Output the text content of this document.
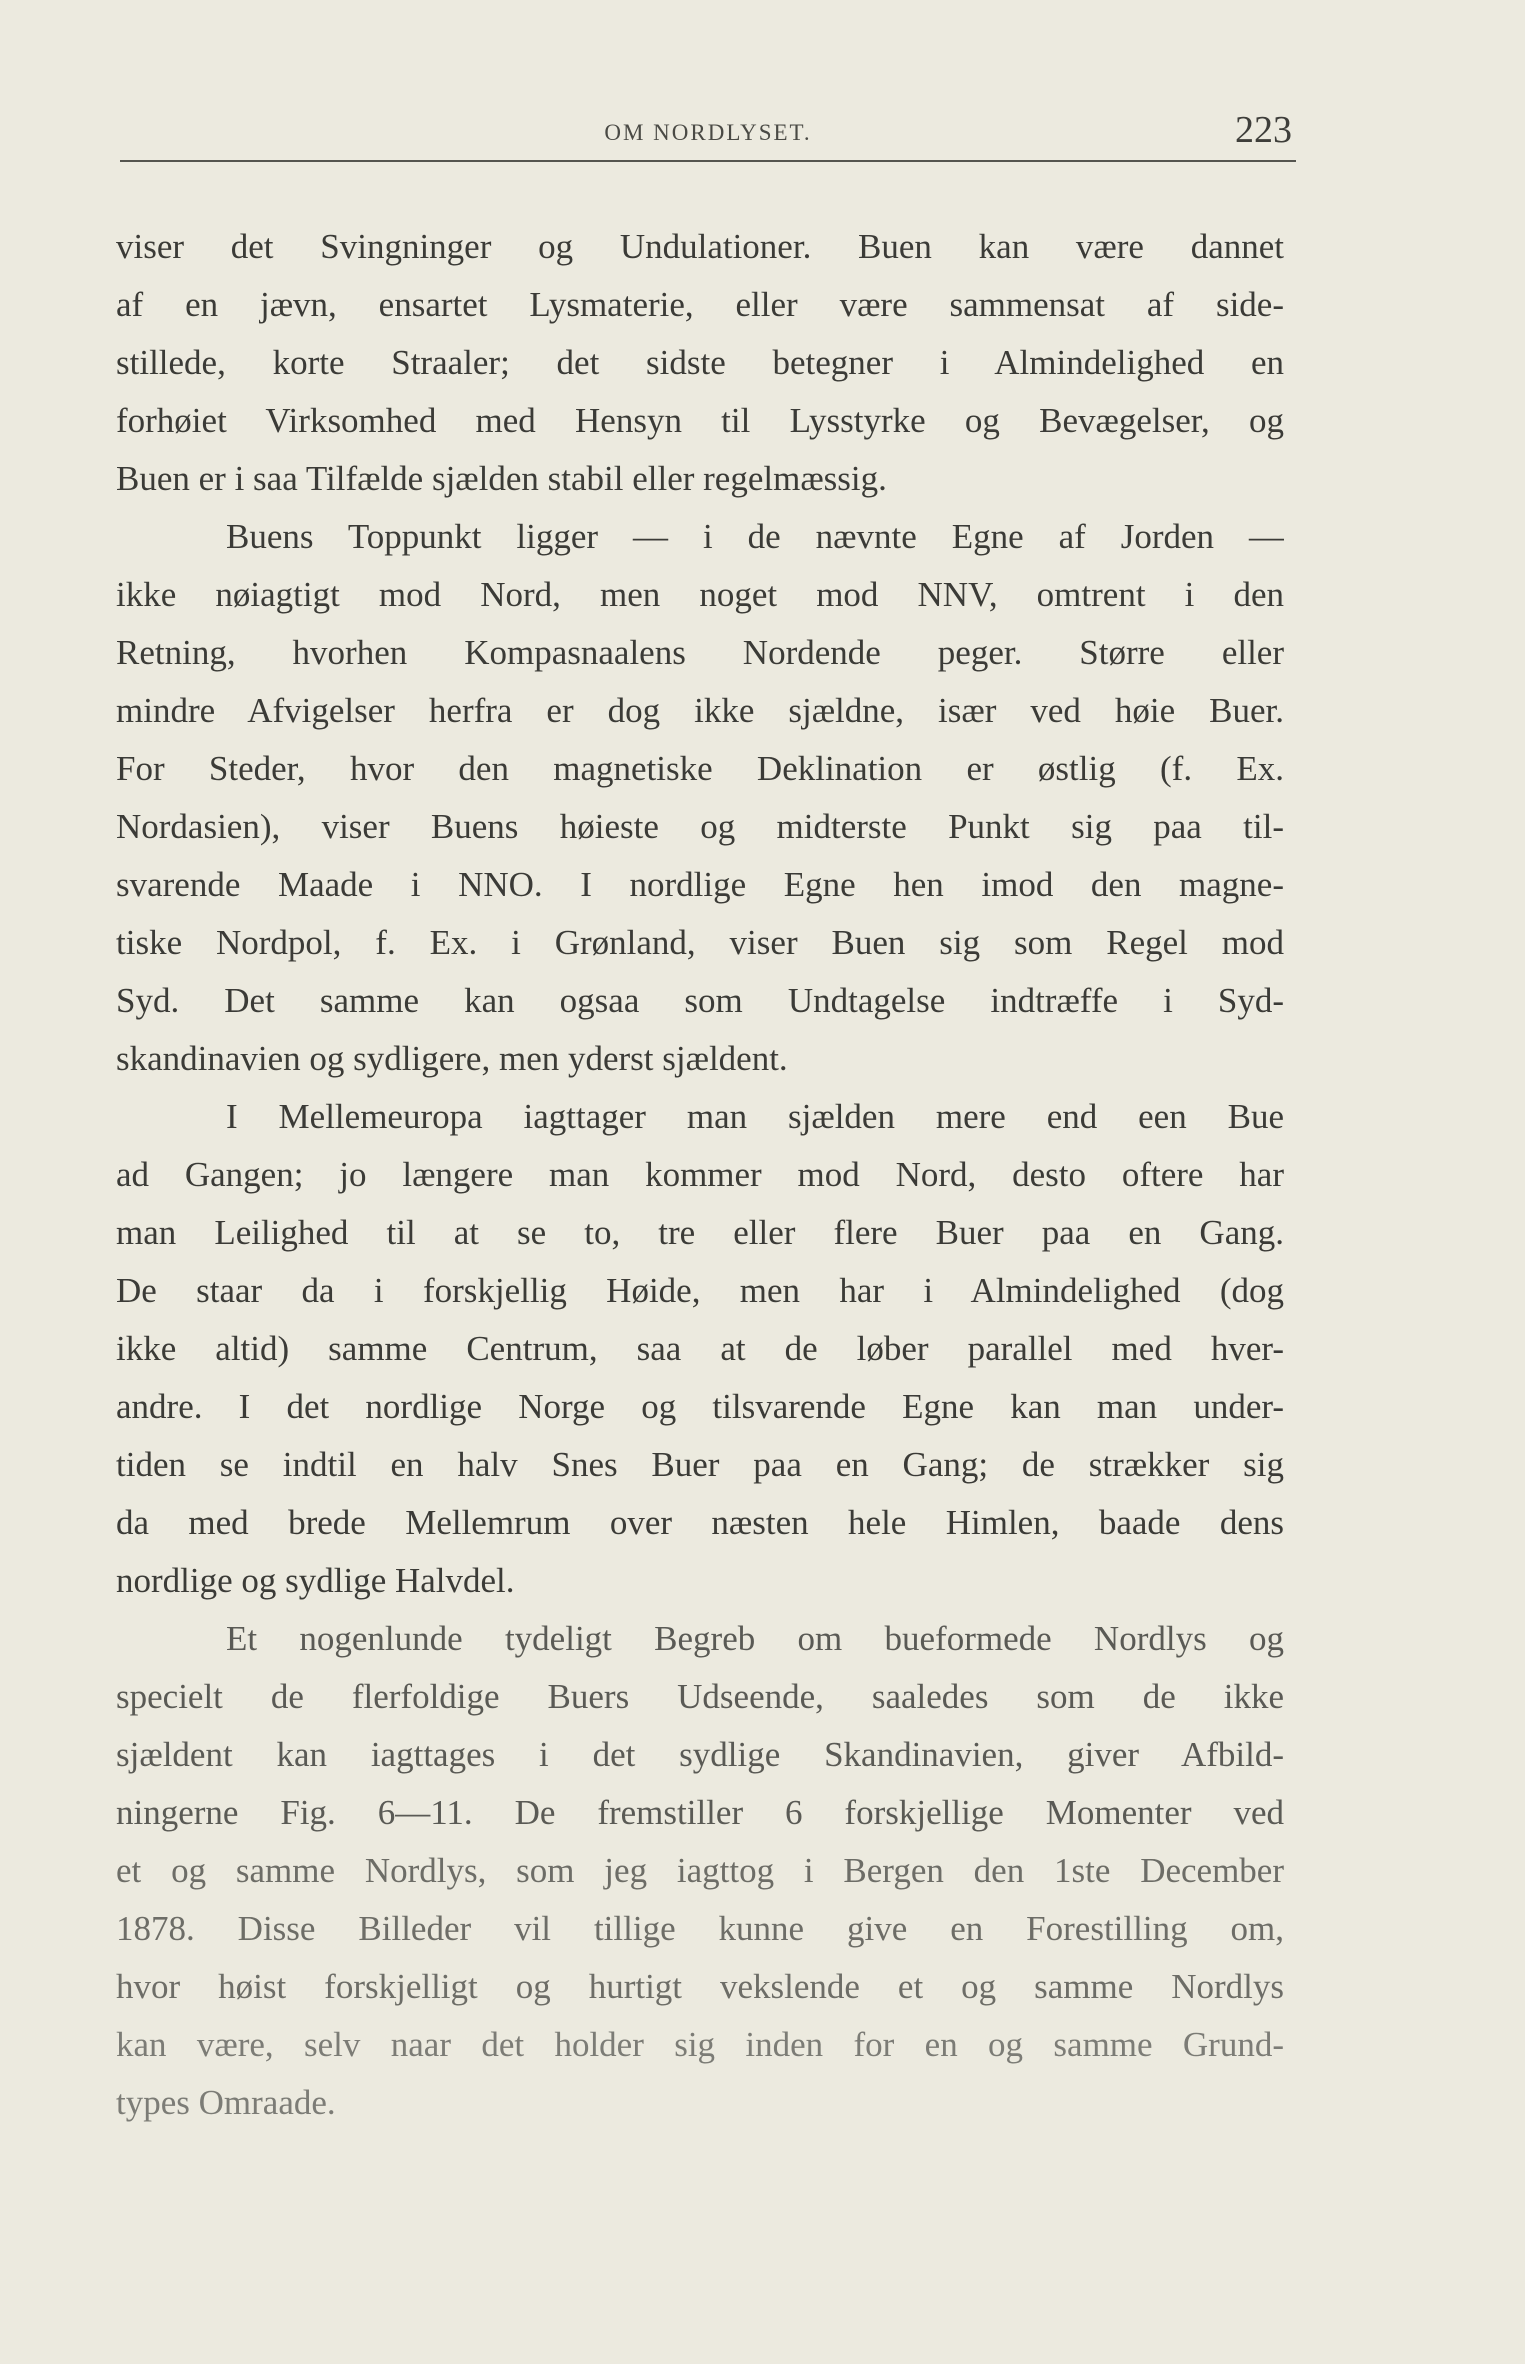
OM NORDLYSET.	223
viser det Svingninger og Undulationer. Buen kan være dannet
af en jævn, ensartet Lysmaterie, eller være sammensat af side-
stillede, korte Straaler; det sidste betegner i Almindelighed en
forhøiet Virksomhed med Hensyn til Lysstyrke og Bevægelser, og
Buen er i saa Tilfælde sjælden stabil eller regelmæssig.
Buens Toppunkt ligger — i de nævnte Egne af Jorden —
ikke nøiagtigt mod Nord, men noget mod NNV, omtrent i den
Retning, hvorhen Kompasnaalens Nordende peger. Større eller
mindre Afvigelser herfra er dog ikke sjældne, især ved høie Buer.
For Steder, hvor den magnetiske Deklination er østlig (f. Ex.
Nordasien), viser Buens høieste og midterste Punkt sig paa til-
svarende Maade i NNO. I nordlige Egne hen imod den magne-
tiske Nordpol, f. Ex. i Grønland, viser Buen sig som Regel mod
Syd. Det samme kan ogsaa som Undtagelse indtræffe i Syd-
skandinavien og sydligere, men yderst sjældent.
I Mellemeuropa iagttager man sjælden mere end een Bue
ad Gangen; jo længere man kommer mod Nord, desto oftere har
man Leilighed til at se to, tre eller flere Buer paa en Gang.
De staar da i forskjellig Høide, men har i Almindelighed (dog
ikke altid) samme Centrum, saa at de løber parallel med hver-
andre. I det nordlige Norge og tilsvarende Egne kan man under-
tiden se indtil en halv Snes Buer paa en Gang; de strækker sig
da med brede Mellemrum over næsten hele Himlen, baade dens
nordlige og sydlige Halvdel.
Et nogenlunde tydeligt Begreb om bueformede Nordlys og
specielt de flerfoldige Buers Udseende, saaledes som de ikke
sjældent kan iagttages i det sydlige Skandinavien, giver Afbild-
ningerne Fig. 6—11. De fremstiller 6 forskjellige Momenter ved
et og samme Nordlys, som jeg iagttog i Bergen den 1ste December
1878. Disse Billeder vil tillige kunne give en Forestilling om,
hvor høist forskjelligt og hurtigt vekslende et og samme Nordlys
kan være, selv naar det holder sig inden for en og samme Grund-
types Omraade.
